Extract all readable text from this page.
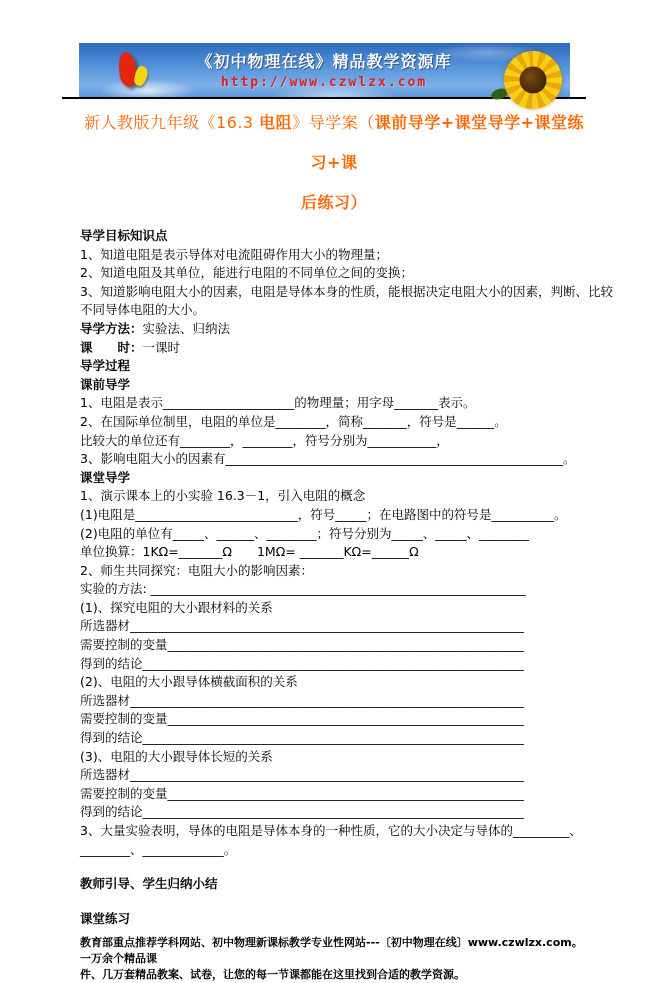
《初中物理在线》精品教学资源库
http://www.czwlzx.com
新人教版九年级《16.3 电阻》导学案（课前导学+课堂导学+课堂练习+课
后练习）
导学目标知识点
1、知道电阻是表示导体对电流阻碍作用大小的物理量；
2、知道电阻及其单位，能进行电阻的不同单位之间的变换；
3、知道影响电阻大小的因素，电阻是导体本身的性质，能根据决定电阻大小的因素，判断、比较
不同导体电阻的大小。
导学方法：实验法、归纳法
课　　时：一课时
导学过程
课前导学
1、电阻是表示_____________________的物理量；用字母_______表示。
2、在国际单位制里，电阻的单位是________，简称_______，符号是______。
比较大的单位还有________，________，符号分别为___________，
3、影响电阻大小的因素有______________________________________________________。
课堂导学
1、演示课本上的小实验 16.3－1，引入电阻的概念
(1)电阻是__________________________，符号_____；在电路图中的符号是__________。
(2)电阻的单位有_____、______、________；符号分别为_____、_____、________
单位换算：1KΩ=_______Ω　　1MΩ= _______KΩ=______Ω
2、师生共同探究：电阻大小的影响因素：
实验的方法: ____________________________________________________________
(1)、探究电阻的大小跟材料的关系
所选器材_______________________________________________________________
需要控制的变量_________________________________________________________
得到的结论_____________________________________________________________
(2)、电阻的大小跟导体横截面积的关系
所选器材_______________________________________________________________
需要控制的变量_________________________________________________________
得到的结论_____________________________________________________________
(3)、电阻的大小跟导体长短的关系
所选器材_______________________________________________________________
需要控制的变量_________________________________________________________
得到的结论_____________________________________________________________
3、大量实验表明，导体的电阻是导体本身的一种性质，它的大小决定与导体的_________、
________、_____________。
教师引导、学生归纳小结
课堂练习
教育部重点推荐学科网站、初中物理新课标教学专业性网站---〔初中物理在线〕www.czwlzx.com。一万余个精品课
件、几万套精品教案、试卷，让您的每一节课都能在这里找到合适的教学资源。
